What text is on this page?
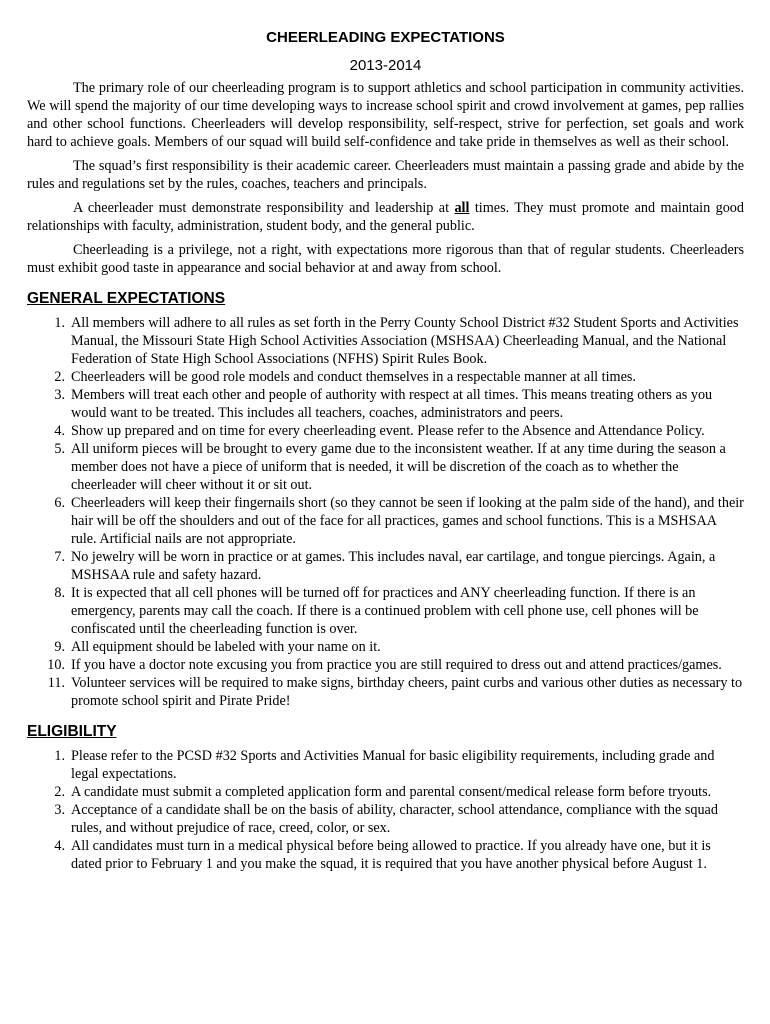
CHEERLEADING EXPECTATIONS
2013-2014

The primary role of our cheerleading program is to support athletics and school participation in community activities. We will spend the majority of our time developing ways to increase school spirit and crowd involvement at games, pep rallies and other school functions. Cheerleaders will develop responsibility, self-respect, strive for perfection, set goals and work hard to achieve goals. Members of our squad will build self-confidence and take pride in themselves as well as their school.

The squad’s first responsibility is their academic career. Cheerleaders must maintain a passing grade and abide by the rules and regulations set by the rules, coaches, teachers and principals.

A cheerleader must demonstrate responsibility and leadership at all times. They must promote and maintain good relationships with faculty, administration, student body, and the general public.

Cheerleading is a privilege, not a right, with expectations more rigorous than that of regular students. Cheerleaders must exhibit good taste in appearance and social behavior at and away from school.

GENERAL EXPECTATIONS
1. All members will adhere to all rules as set forth in the Perry County School District #32 Student Sports and Activities Manual, the Missouri State High School Activities Association (MSHSAA) Cheerleading Manual, and the National Federation of State High School Associations (NFHS) Spirit Rules Book.
2. Cheerleaders will be good role models and conduct themselves in a respectable manner at all times.
3. Members will treat each other and people of authority with respect at all times. This means treating others as you would want to be treated. This includes all teachers, coaches, administrators and peers.
4. Show up prepared and on time for every cheerleading event. Please refer to the Absence and Attendance Policy.
5. All uniform pieces will be brought to every game due to the inconsistent weather. If at any time during the season a member does not have a piece of uniform that is needed, it will be discretion of the coach as to whether the cheerleader will cheer without it or sit out.
6. Cheerleaders will keep their fingernails short (so they cannot be seen if looking at the palm side of the hand), and their hair will be off the shoulders and out of the face for all practices, games and school functions. This is a MSHSAA rule. Artificial nails are not appropriate.
7. No jewelry will be worn in practice or at games. This includes naval, ear cartilage, and tongue piercings. Again, a MSHSAA rule and safety hazard.
8. It is expected that all cell phones will be turned off for practices and ANY cheerleading function. If there is an emergency, parents may call the coach. If there is a continued problem with cell phone use, cell phones will be confiscated until the cheerleading function is over.
9. All equipment should be labeled with your name on it.
10. If you have a doctor note excusing you from practice you are still required to dress out and attend practices/games.
11. Volunteer services will be required to make signs, birthday cheers, paint curbs and various other duties as necessary to promote school spirit and Pirate Pride!
ELIGIBILITY
1. Please refer to the PCSD #32 Sports and Activities Manual for basic eligibility requirements, including grade and legal expectations.
2. A candidate must submit a completed application form and parental consent/medical release form before tryouts.
3. Acceptance of a candidate shall be on the basis of ability, character, school attendance, compliance with the squad rules, and without prejudice of race, creed, color, or sex.
4. All candidates must turn in a medical physical before being allowed to practice. If you already have one, but it is dated prior to February 1 and you make the squad, it is required that you have another physical before August 1.
